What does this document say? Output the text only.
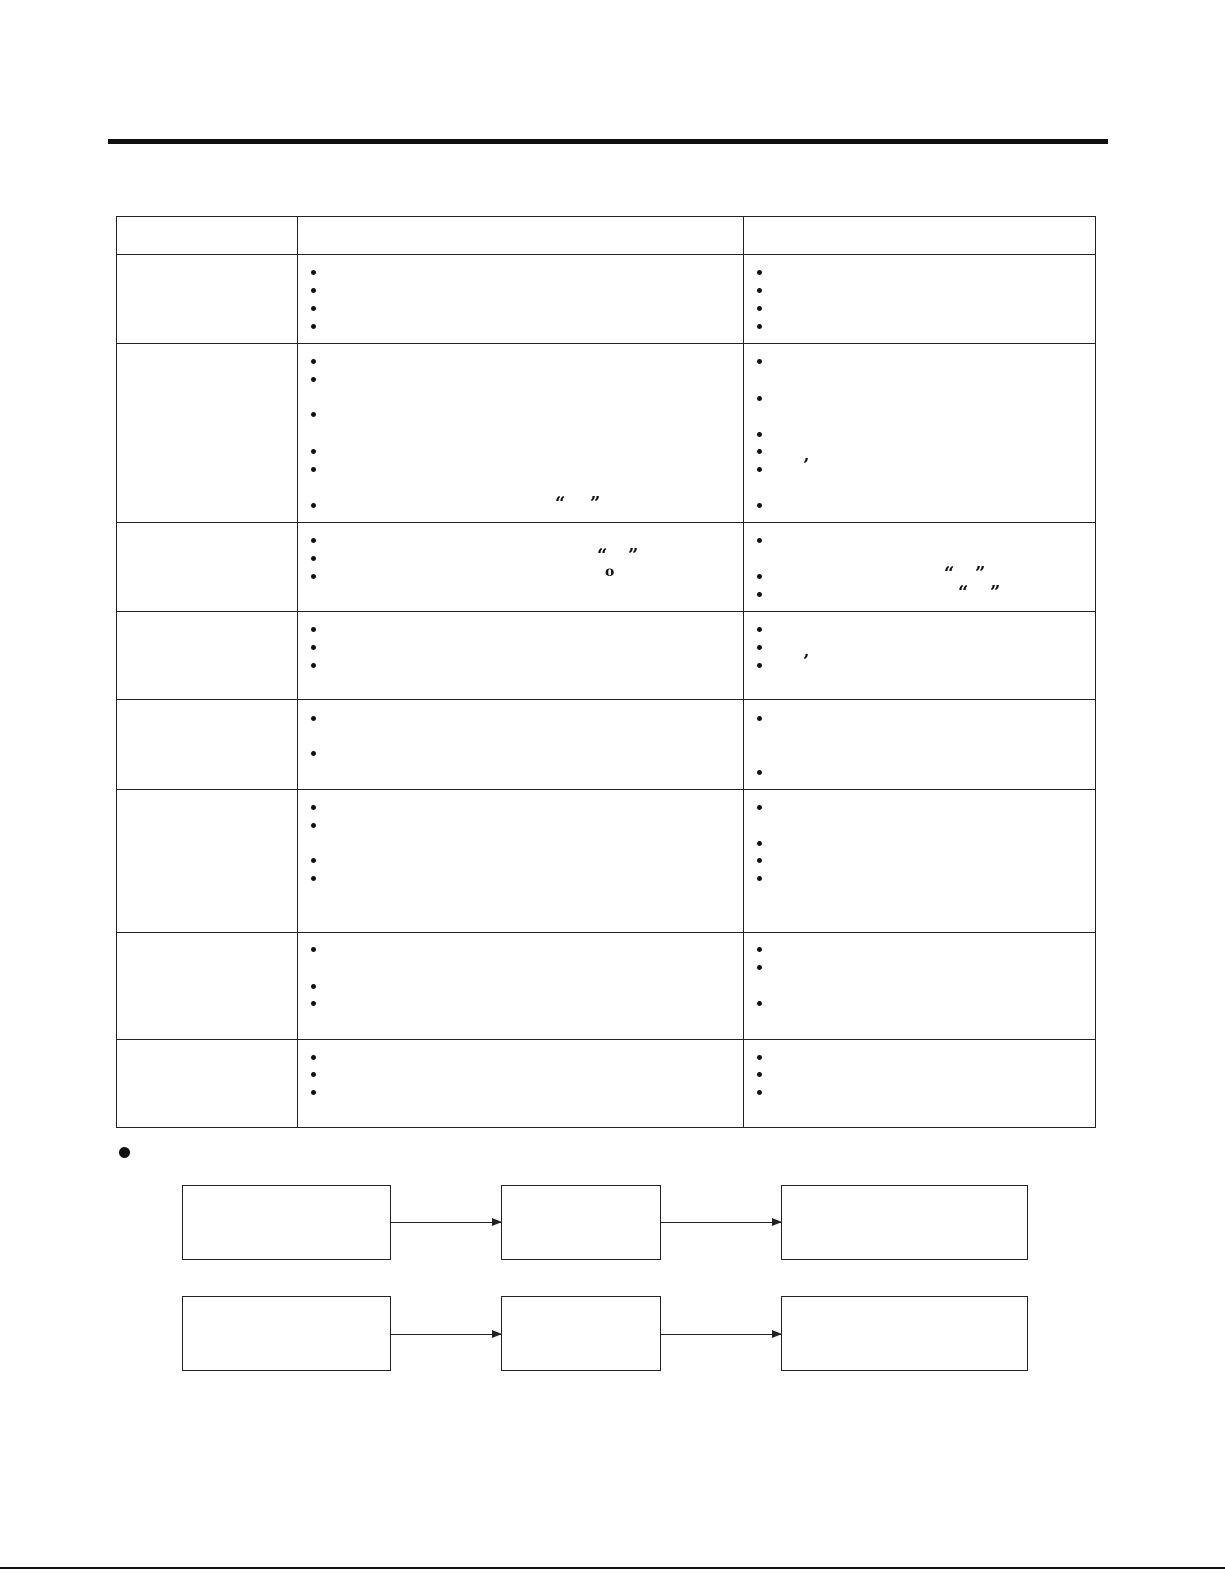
“ ”
“ ”
o
’
“ ”
“ ”
’
